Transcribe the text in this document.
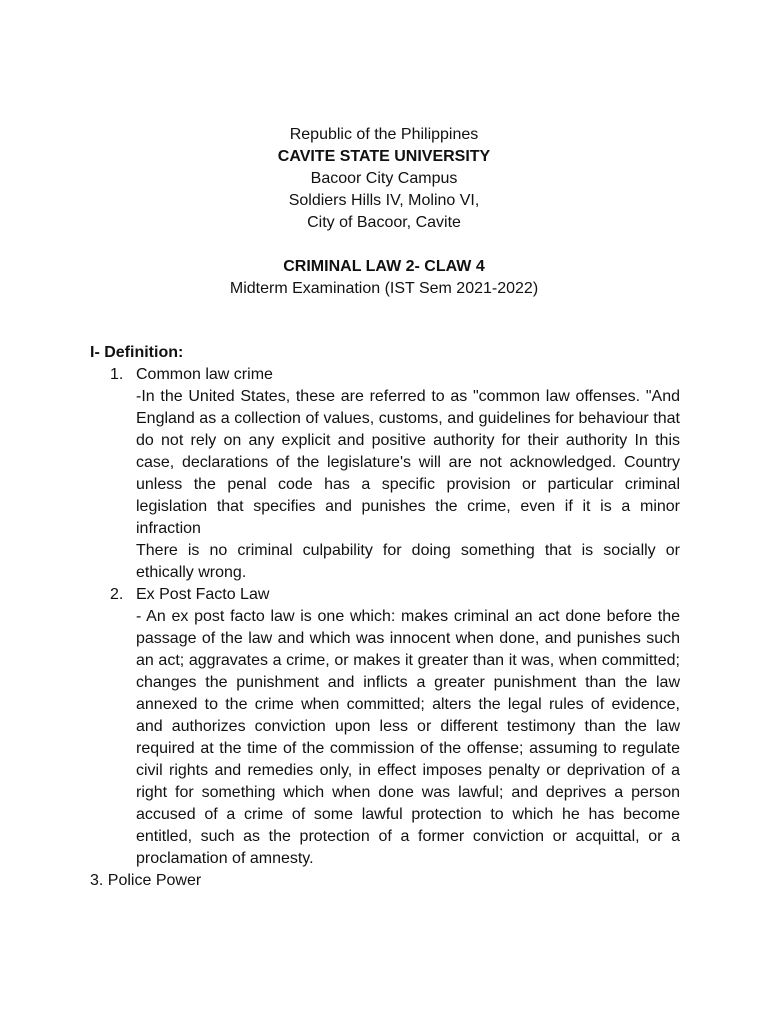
Republic of the Philippines
CAVITE STATE UNIVERSITY
Bacoor City Campus
Soldiers Hills IV, Molino VI,
City of Bacoor, Cavite
CRIMINAL LAW 2- CLAW 4
Midterm Examination (IST Sem 2021-2022)
I- Definition:
1. Common law crime

-In the United States, these are referred to as "common law offenses. "And England as a collection of values, customs, and guidelines for behaviour that do not rely on any explicit and positive authority for their authority In this case, declarations of the legislature's will are not acknowledged. Country unless the penal code has a specific provision or particular criminal legislation that specifies and punishes the crime, even if it is a minor infraction

There is no criminal culpability for doing something that is socially or ethically wrong.

2. Ex Post Facto Law

- An ex post facto law is one which: makes criminal an act done before the passage of the law and which was innocent when done, and punishes such an act; aggravates a crime, or makes it greater than it was, when committed; changes the punishment and inflicts a greater punishment than the law annexed to the crime when committed; alters the legal rules of evidence, and authorizes conviction upon less or different testimony than the law required at the time of the commission of the offense; assuming to regulate civil rights and remedies only, in effect imposes penalty or deprivation of a right for something which when done was lawful; and deprives a person accused of a crime of some lawful protection to which he has become entitled, such as the protection of a former conviction or acquittal, or a proclamation of amnesty.

3. Police Power
